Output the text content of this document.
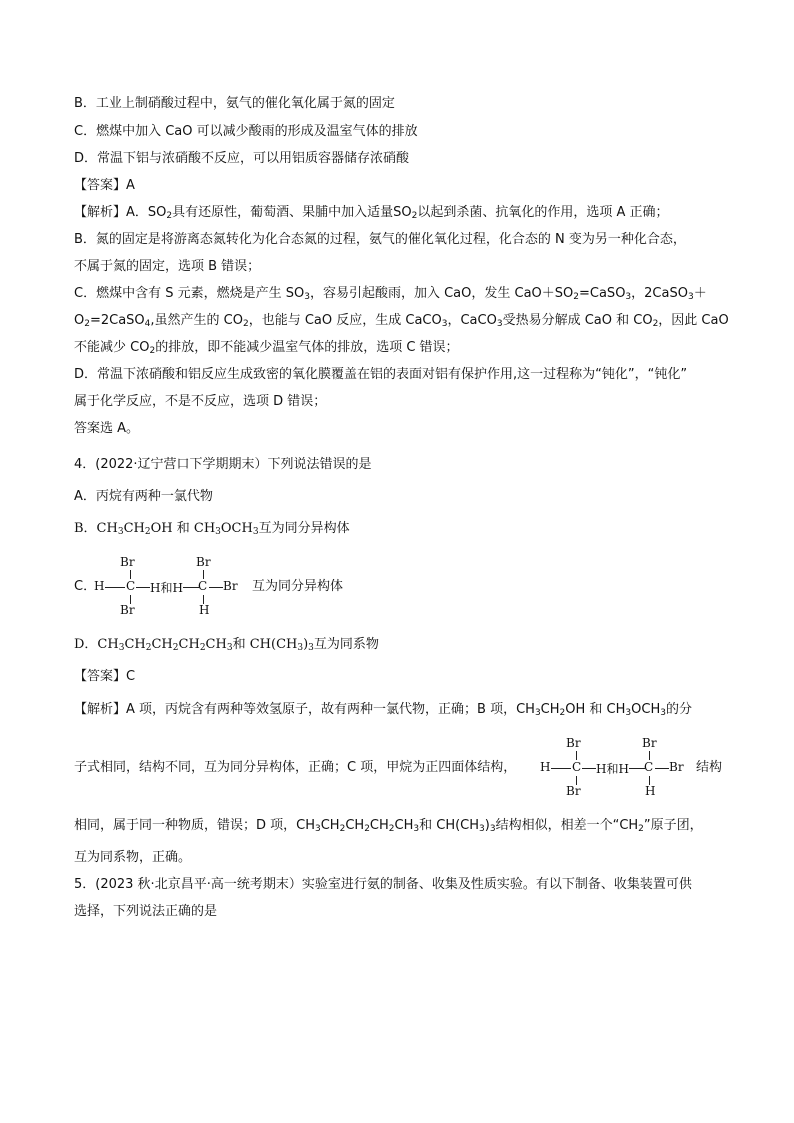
B．工业上制硝酸过程中，氨气的催化氧化属于氮的固定
C．燃煤中加入 CaO 可以减少酸雨的形成及温室气体的排放
D．常温下铝与浓硝酸不反应，可以用铝质容器储存浓硝酸
【答案】A
【解析】A．$SO_2$具有还原性，葡萄酒、果脯中加入适量$SO_2$以起到杀菌、抗氧化的作用，选项 A 正确；
B．氮的固定是将游离态氮转化为化合态氮的过程，氨气的催化氧化过程，化合态的 N 变为另一种化合态，
不属于氮的固定，选项 B 错误；
C．燃煤中含有 S 元素，燃烧是产生 $SO_3$，容易引起酸雨，加入 CaO，发生 $CaO+SO_2=CaSO_3$，2CaSO$_3$＋
$O_2=2CaSO_4$,虽然产生的 $CO_2$，也能与 CaO 反应，生成 CaCO$_3$，CaCO$_3$受热易分解成 CaO 和 $CO_2$，因此 CaO
不能减少 $CO_2$的排放，即不能减少温室气体的排放，选项 C 错误；
D．常温下浓硝酸和铝反应生成致密的氧化膜覆盖在铝的表面对铝有保护作用,这一过程称为“钝化”，“钝化”
属于化学反应，不是不反应，选项 D 错误；
答案选 A。
4．(2022·辽宁营口下学期期末）下列说法错误的是
A．丙烷有两种一氯代物
B．$CH_3CH_2OH$ 和 $CH_3OCH_3$互为同分异构体
C．
H C
Br
Br
H和H C
Br
H
Br 互为同分异构体
D．$CH_3CH_2CH_2CH_2CH_3$和 $CH(CH_3)_3$互为同系物
【答案】C
【解析】A 项，丙烷含有两种等效氢原子，故有两种一氯代物，正确；B 项，$CH_3CH_2OH$ 和 $CH_3OCH_3$的分
子式相同，结构不同，互为同分异构体，正确；C 项，甲烷为正四面体结构， H C
Br
Br
H和H C
Br
H
Br 结构
相同，属于同一种物质，错误；D 项，$CH_3CH_2CH_2CH_2CH_3$和 $CH(CH_3)_3$结构相似，相差一个“$CH_2$”原子团，
互为同系物，正确。
5．(2023 秋·北京昌平·高一统考期末）实验室进行氨的制备、收集及性质实验。有以下制备、收集装置可供
选择，下列说法正确的是
